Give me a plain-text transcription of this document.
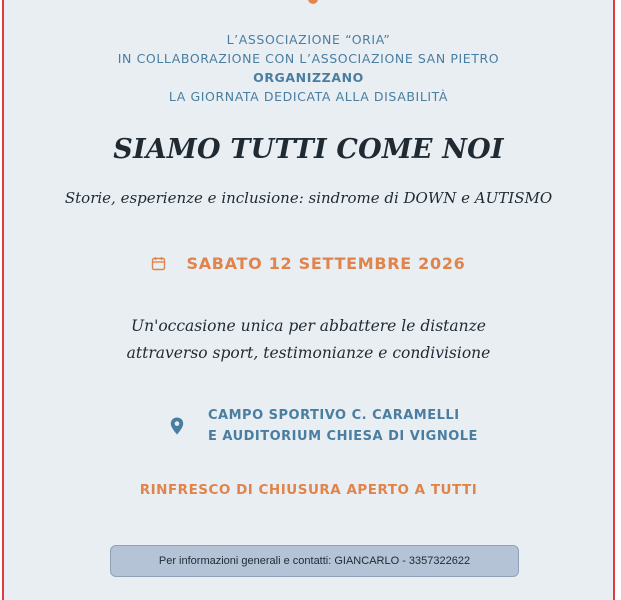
L’ASSOCIAZIONE “ORIA”
IN COLLABORAZIONE CON L’ASSOCIAZIONE SAN PIETRO
ORGANIZZANO
LA GIORNATA DEDICATA ALLA DISABILITÀ
SIAMO TUTTI COME NOI
Storie, esperienze e inclusione: sindrome di DOWN e AUTISMO
SABATO 12 SETTEMBRE 2026
Un'occasione unica per abbattere le distanze
attraverso sport, testimonianze e condivisione
CAMPO SPORTIVO C. CARAMELLI
E AUDITORIUM CHIESA DI VIGNOLE
RINFRESCO DI CHIUSURA APERTO A TUTTI
Per informazioni generali e contatti: GIANCARLO - 3357322622
